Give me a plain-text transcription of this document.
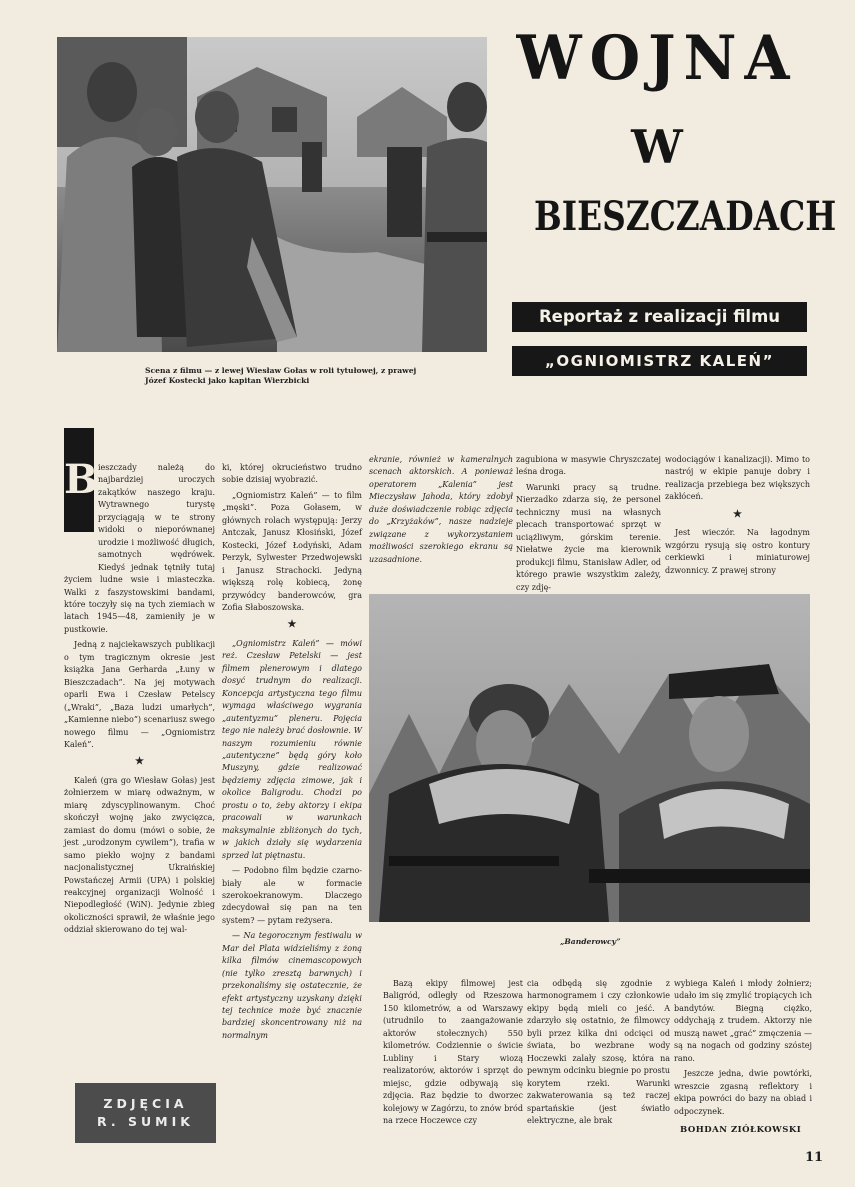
Scena z filmu — z lewej Wiesław Gołas w roli tytułowej, z prawej Józef Kostecki jako kapitan Wierzbicki
WOJNA
W
BIESZCZADACH
Reportaż z realizacji filmu
„OGNIOMISTRZ KALEŃ”
B ieszczady należą do najbardziej uroczych zakątków naszego kraju. Wytrawnego turystę przyciągają w te strony widoki o nieporównanej urodzie i możliwość długich, samotnych wędrówek. Kiedyś jednak tętniły tutaj życiem ludne wsie i miasteczka. Walki z faszystowskimi bandami, które toczyły się na tych ziemiach w latach 1945—48, zamieniły je w pustkowie.

Jedną z najciekawszych publikacji o tym tragicznym okresie jest książka Jana Gerharda „Łuny w Bieszczadach”. Na jej motywach oparli Ewa i Czesław Petelscy („Wraki”, „Baza ludzi umarłych”, „Kamienne niebo”) scenariusz swego nowego filmu — „Ogniomistrz Kaleń”.

★

Kaleń (gra go Wiesław Gołas) jest żołnierzem w miarę odważnym, w miarę zdyscyplinowanym. Choć skończył wojnę jako zwycięzca, zamiast do domu (mówi o sobie, że jest „urodzonym cywilem”), trafia w samo piekło wojny z bandami nacjonalistycznej Ukraińskiej Powstańczej Armii (UPA) i polskiej reakcyjnej organizacji Wolność i Niepodległość (WiN). Jedynie zbieg okoliczności sprawił, że właśnie jego oddział skierowano do tej wal-

ki, której okrucieństwo trudno sobie dzisiaj wyobrazić.

„Ogniomistrz Kaleń” — to film „męski”. Poza Gołasem, w głównych rolach występują: Jerzy Antczak, Janusz Kłosiński, Józef Kostecki, Józef Łodyński, Adam Perzyk, Sylwester Przedwojewski i Janusz Strachocki. Jedyną większą rolę kobiecą, żonę przywódcy banderowców, gra Zofia Słaboszowska.

★

„Ogniomistrz Kaleń” — mówi reż. Czesław Petelski — jest filmem plenerowym i dlatego dosyć trudnym do realizacji. Koncepcja artystyczna tego filmu wymaga właściwego wygrania „autentyzmu” pleneru. Pojęcia tego nie należy brać dosłownie. W naszym rozumieniu równie „autentyczne” będą góry koło Muszyny, gdzie realizować będziemy zdjęcia zimowe, jak i okolice Baligrodu. Chodzi po prostu o to, żeby aktorzy i ekipa pracowali w warunkach maksymalnie zbliżonych do tych, w jakich działy się wydarzenia sprzed lat piętnastu.

— Podobno film będzie czarno-biały ale w formacie szerokoekranowym. Dlaczego zdecydował się pan na ten system? — pytam reżysera.

— Na tegorocznym festiwalu w Mar del Plata widzieliśmy z żoną kilka filmów cinemascopowych (nie tylko zresztą barwnych) i przekonaliśmy się ostatecznie, że efekt artystyczny uzyskany dzięki tej technice może być znacznie bardziej skoncentrowany niż na normalnym

ekranie, również w kameralnych scenach aktorskich. A ponieważ operatorem „Kalenia” jest Mieczysław Jahoda, który zdobył duże doświadczenie robiąc zdjęcia do „Krzyżaków”, nasze nadzieje związane z wykorzystaniem możliwości szerokiego ekranu są uzasadnione.

zagubiona w masywie Chryszczatej leśna droga.

Warunki pracy są trudne. Nierzadko zdarza się, że personel techniczny musi na własnych plecach transportować sprzęt w uciążliwym, górskim terenie. Niełatwe życie ma kierownik produkcji filmu, Stanisław Adler, od którego prawie wszystkim zależy, czy zdję-

wodociągów i kanalizacji). Mimo to nastrój w ekipie panuje dobry i realizacja przebiega bez większych zakłóceń.

★

Jest wieczór. Na łagodnym wzgórzu rysują się ostro kontury cerkiewki i miniaturowej dzwonnicy. Z prawej strony

„Banderowcy”

Bazą ekipy filmowej jest Baligród, odległy od Rzeszowa 150 kilometrów, a od Warszawy (utrudnilo to zaangażowanie aktorów stołecznych) 550 kilometrów. Codziennie o świcie Lubliny i Stary wiozą realizatorów, aktorów i sprzęt do miejsc, gdzie odbywają się zdjęcia. Raz będzie to dworzec kolejowy w Zagórzu, to znów bród na rzece Hoczewce czy

cia odbędą się zgodnie z harmonogramem i czy członkowie ekipy będą mieli co jeść. A zdarzyło się ostatnio, że filmowcy byli przez kilka dni odcięci od świata, bo wezbrane wody Hoczewki zalały szosę, która na pewnym odcinku biegnie po prostu korytem rzeki. Warunki zakwaterowania są też raczej spartańskie (jest światło elektryczne, ale brak

wybiega Kaleń i młody żołnierz; udało im się zmylić tropiących ich bandytów. Biegną ciężko, oddychają z trudem. Aktorzy nie muszą nawet „grać” zmęczenia — są na nogach od godziny szóstej rano.

Jeszcze jedna, dwie powtórki, wreszcie zgasną reflektory i ekipa powróci do bazy na obiad i odpoczynek.

BOHDAN ZIÓŁKOWSKI
ZDJĘCIA
R. SUMIK
11
